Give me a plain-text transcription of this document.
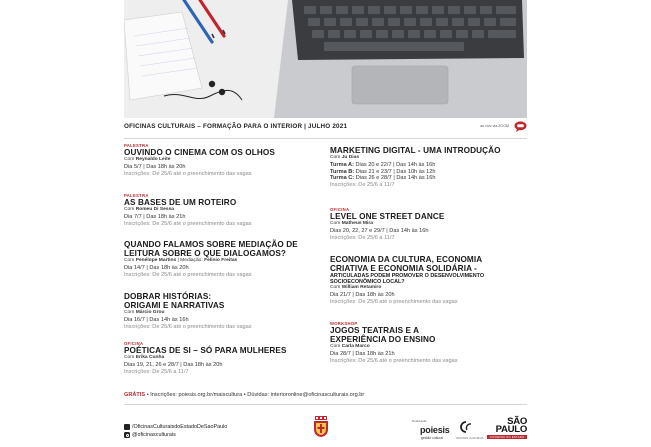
OFICINAS CULTURAIS – FORMAÇÃO PARA O INTERIOR | JULHO 2021	ao vivo via ZOOM
PALESTRA
OUVINDO O CINEMA COM OS OLHOS
Com Reynaldo Leite
Dia 5/7 | Das 18h às 20h
Inscrições: De 25/6 até o preenchimento das vagas
PALESTRA
AS BASES DE UM ROTEIRO
Com Romeu Di Sessa
Dia 7/7 | Das 18h às 21h
Inscrições: De 25/6 até o preenchimento das vagas
QUANDO FALAMOS SOBRE MEDIAÇÃO DE
LEITURA SOBRE O QUE DIALOGAMOS?
Com Penélope Martins | Mediação: Felinio Freitas
Dia 14/7 | Das 18h às 20h
Inscrições: De 25/6 até o preenchimento das vagas
DOBRAR HISTÓRIAS:
ORIGAMI E NARRATIVAS
Com Márcio Grou
Dia 16/7 | Das 14h às 16h
Inscrições: De 25/6 até o preenchimento das vagas
OFICINA
POÉTICAS DE SI – SÓ PARA MULHERES
Com Erika Cunha
Dias 19, 21, 26 e 28/7 | Das 18h às 20h
Inscrições: De 25/6 a 11/7
MARKETING DIGITAL - UMA INTRODUÇÃO
Com Ju Dias
Turma A: Dias 20 e 22/7 | Das 14h às 16h
Turma B: Dias 21 e 23/7 | Das 10h às 12h
Turma C: Dias 26 e 28/7 | Das 14h às 16h
Inscrições: De 25/6 a 11/7
OFICINA
LEVEL ONE STREET DANCE
Com Matheus Mira
Dias 20, 22, 27 e 29/7 | Das 14h às 16h
Inscrições: De 25/6 a 11/7
ECONOMIA DA CULTURA, ECONOMIA
CRIATIVA E ECONOMIA SOLIDÁRIA -
ARTICULADAS PODEM PROMOVER O DESENVOLVIMENTO
SOCIOECONÔMICO LOCAL?
Com William Retamiro
Dia 21/7 | Das 18h às 20h
Inscrições: De 25/6 até o preenchimento das vagas
WORKSHOP
JOGOS TEATRAIS E A
EXPERIÊNCIA DO ENSINO
Com Carla Marco
Dia 28/7 | Das 18h às 21h
Inscrições: De 25/6 até o preenchimento das vagas
GRÁTIS • Inscrições: poiesis.org.br/maiscultura • Dúvidas: interioronline@oficinasculturais.org.br
/OficinasCulturaisdoEstadoDeSaoPaulo
@oficinasculturais
Realização
poiesis
gestão cultural	OFICINAS CULTURAIS
SÃO
PAULO
GOVERNO DO ESTADO
